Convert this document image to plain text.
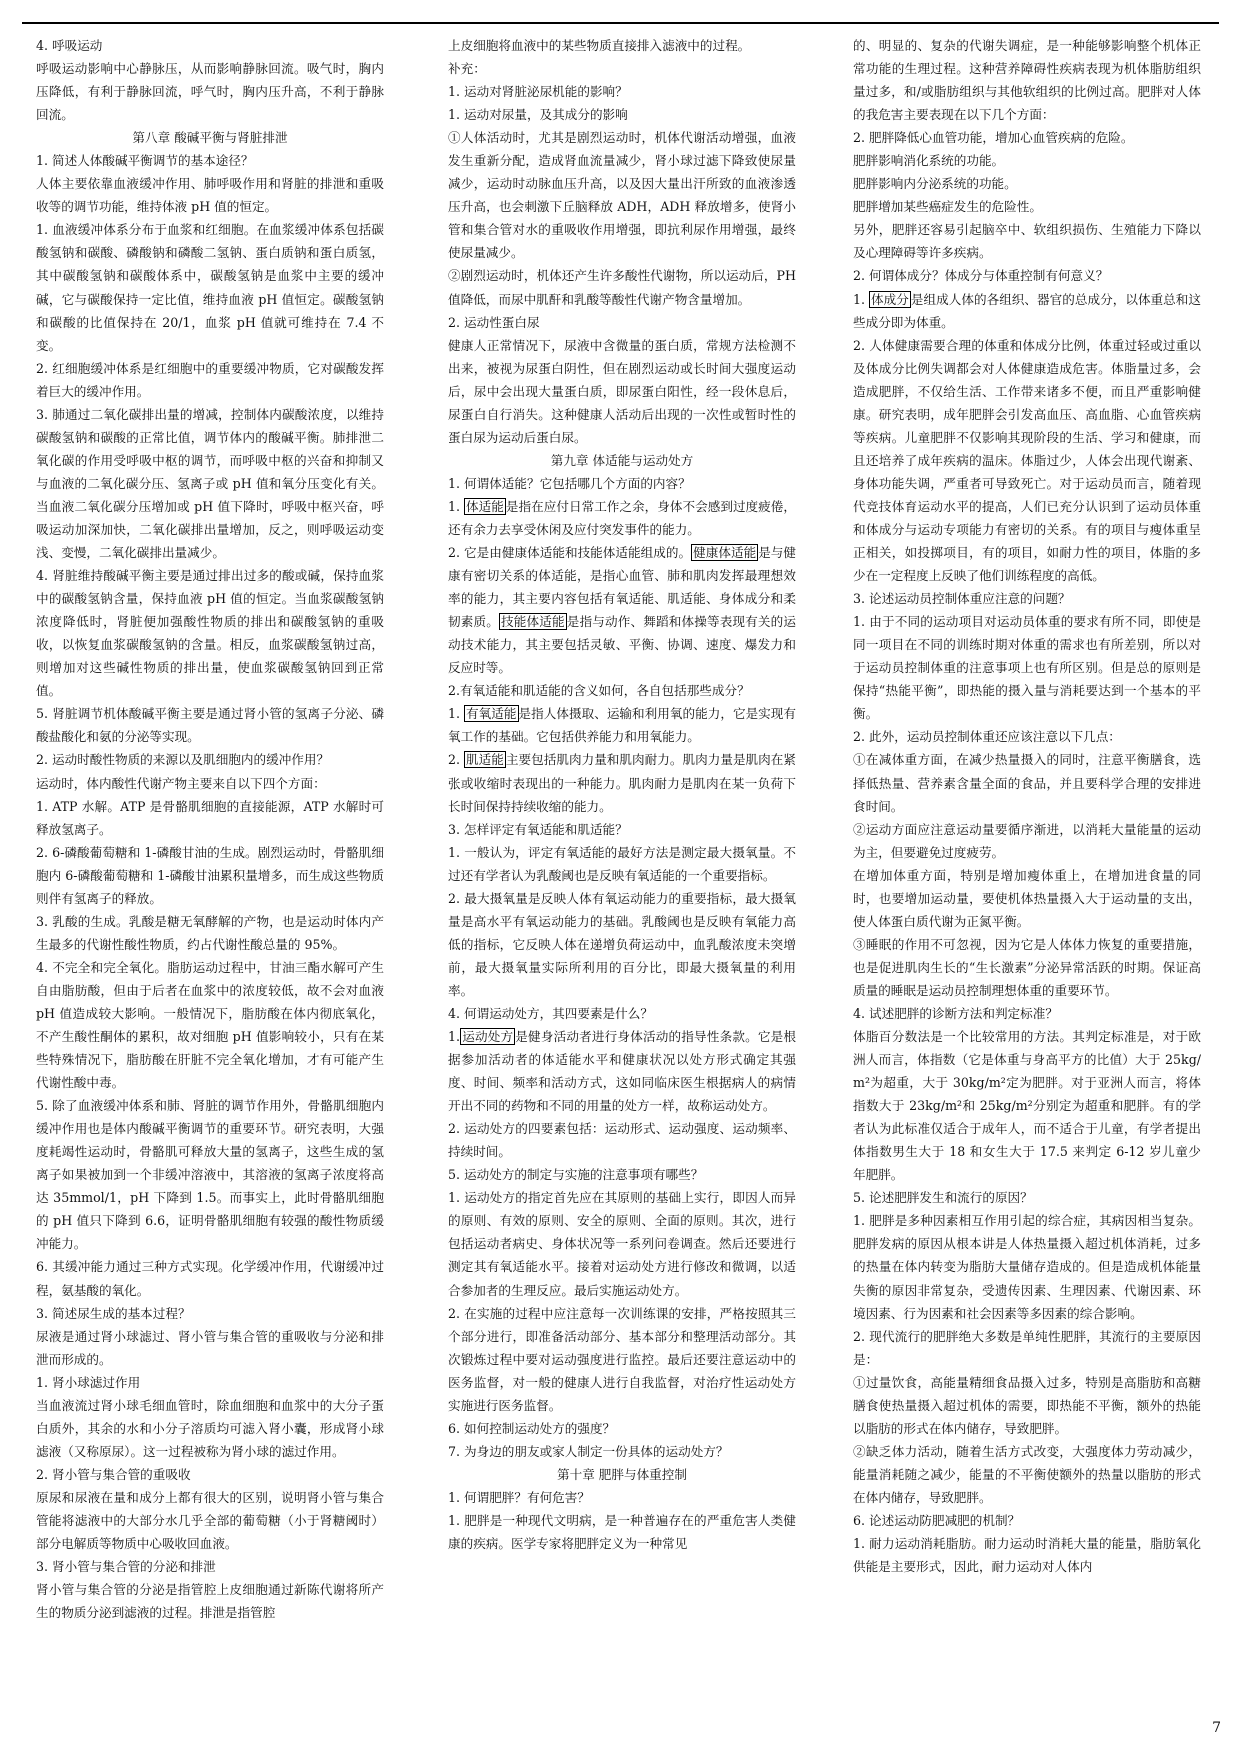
4. 呼吸运动

呼吸运动影响中心静脉压，从而影响静脉回流。吸气时，胸内压降低，有利于静脉回流，呼气时，胸内压升高，不利于静脉回流。

第八章 酸碱平衡与肾脏排泄

1. 简述人体酸碱平衡调节的基本途径？

人体主要依靠血液缓冲作用、肺呼吸作用和肾脏的排泄和重吸收等的调节功能，维持体液 pH 值的恒定。

1. 血液缓冲体系分布于血浆和红细胞。在血浆缓冲体系包括碳酸氢钠和碳酸、磷酸钠和磷酸二氢钠、蛋白质钠和蛋白质氢，其中碳酸氢钠和碳酸体系中，碳酸氢钠是血浆中主要的缓冲碱，它与碳酸保持一定比值，维持血液 pH 值恒定。碳酸氢钠和碳酸的比值保持在 20/1，血浆 pH 值就可维持在 7.4 不变。

2. 红细胞缓冲体系是红细胞中的重要缓冲物质，它对碳酸发挥着巨大的缓冲作用。

3. 肺通过二氧化碳排出量的增减，控制体内碳酸浓度，以维持碳酸氢钠和碳酸的正常比值，调节体内的酸碱平衡。肺排泄二氧化碳的作用受呼吸中枢的调节，而呼吸中枢的兴奋和抑制又与血液的二氧化碳分压、氢离子或 pH 值和氧分压变化有关。当血液二氧化碳分压增加或 pH 值下降时，呼吸中枢兴奋，呼吸运动加深加快，二氧化碳排出量增加，反之，则呼吸运动变浅、变慢，二氧化碳排出量减少。

4. 肾脏维持酸碱平衡主要是通过排出过多的酸或碱，保持血浆中的碳酸氢钠含量，保持血液 pH 值的恒定。当血浆碳酸氢钠浓度降低时，肾脏便加强酸性物质的排出和碳酸氢钠的重吸收，以恢复血浆碳酸氢钠的含量。相反，血浆碳酸氢钠过高，则增加对这些碱性物质的排出量，使血浆碳酸氢钠回到正常值。

5. 肾脏调节机体酸碱平衡主要是通过肾小管的氢离子分泌、磷酸盐酸化和氨的分泌等实现。

2. 运动时酸性物质的来源以及肌细胞内的缓冲作用？

运动时，体内酸性代谢产物主要来自以下四个方面：

1. ATP 水解。ATP 是骨骼肌细胞的直接能源，ATP 水解时可释放氢离子。

2. 6-磷酸葡萄糖和 1-磷酸甘油的生成。剧烈运动时，骨骼肌细胞内 6-磷酸葡萄糖和 1-磷酸甘油累积量增多，而生成这些物质则伴有氢离子的释放。

3. 乳酸的生成。乳酸是糖无氧酵解的产物，也是运动时体内产生最多的代谢性酸性物质，约占代谢性酸总量的 95%。

4. 不完全和完全氧化。脂肪运动过程中，甘油三酯水解可产生自由脂肪酸，但由于后者在血浆中的浓度较低，故不会对血液 pH 值造成较大影响。一般情况下，脂肪酸在体内彻底氧化，不产生酸性酮体的累积，故对细胞 pH 值影响较小，只有在某些特殊情况下，脂肪酸在肝脏不完全氧化增加，才有可能产生代谢性酸中毒。

5. 除了血液缓冲体系和肺、肾脏的调节作用外，骨骼肌细胞内缓冲作用也是体内酸碱平衡调节的重要环节。研究表明，大强度耗竭性运动时，骨骼肌可释放大量的氢离子，这些生成的氢离子如果被加到一个非缓冲溶液中，其溶液的氢离子浓度将高达 35mmol/1，pH 下降到 1.5。而事实上，此时骨骼肌细胞的 pH 值只下降到 6.6，证明骨骼肌细胞有较强的酸性物质缓冲能力。

6. 其缓冲能力通过三种方式实现。化学缓冲作用，代谢缓冲过程，氨基酸的氧化。

3. 简述尿生成的基本过程？

尿液是通过肾小球滤过、肾小管与集合管的重吸收与分泌和排泄而形成的。

1. 肾小球滤过作用

当血液流过肾小球毛细血管时，除血细胞和血浆中的大分子蛋白质外，其余的水和小分子溶质均可滤入肾小囊，形成肾小球滤液（又称原尿）。这一过程被称为肾小球的滤过作用。

2. 肾小管与集合管的重吸收

原尿和尿液在量和成分上都有很大的区别，说明肾小管与集合管能将滤液中的大部分水几乎全部的葡萄糖（小于肾糖阈时）部分电解质等物质中心吸收回血液。

3. 肾小管与集合管的分泌和排泄

肾小管与集合管的分泌是指管腔上皮细胞通过新陈代谢将所产生的物质分泌到滤液的过程。排泄是指管腔

上皮细胞将血液中的某些物质直接排入滤液中的过程。

补充：

1. 运动对肾脏泌尿机能的影响？

1. 运动对尿量，及其成分的影响

①人体活动时，尤其是剧烈运动时，机体代谢活动增强，血液发生重新分配，造成肾血流量减少，肾小球过滤下降致使尿量减少，运动时动脉血压升高，以及因大量出汗所致的血液渗透压升高，也会刺激下丘脑释放 ADH，ADH 释放增多，使肾小管和集合管对水的重吸收作用增强，即抗利尿作用增强，最终使尿量减少。

②剧烈运动时，机体还产生许多酸性代谢物，所以运动后，PH 值降低，而尿中肌酐和乳酸等酸性代谢产物含量增加。

2. 运动性蛋白尿

健康人正常情况下，尿液中含微量的蛋白质，常规方法检测不出来，被视为尿蛋白阴性，但在剧烈运动或长时间大强度运动后，尿中会出现大量蛋白质，即尿蛋白阳性，经一段休息后，尿蛋白自行消失。这种健康人活动后出现的一次性或暂时性的蛋白尿为运动后蛋白尿。

第九章 体适能与运动处方

1. 何谓体适能？它包括哪几个方面的内容？

1. 体适能 是指在应付日常工作之余，身体不会感到过度疲倦，还有余力去享受休闲及应付突发事件的能力。

2. 它是由健康体适能和技能体适能组成的。 健康体适能 是与健康有密切关系的体适能，是指心血管、肺和肌肉发挥最理想效率的能力，其主要内容包括有氧适能、肌适能、身体成分和柔韧素质。 技能体适能 是指与动作、舞蹈和体操等表现有关的运动技术能力，其主要包括灵敏、平衡、协调、速度、爆发力和反应时等。

2.有氧适能和肌适能的含义如何，各自包括那些成分？

1. 有氧适能 是指人体摄取、运输和利用氧的能力，它是实现有氧工作的基础。它包括供养能力和用氧能力。

2. 肌适能 主要包括肌肉力量和肌肉耐力。肌肉力量是肌肉在紧张或收缩时表现出的一种能力。肌肉耐力是肌肉在某一负荷下长时间保持持续收缩的能力。

3. 怎样评定有氧适能和肌适能？

1. 一般认为，评定有氧适能的最好方法是测定最大摄氧量。不过还有学者认为乳酸阈也是反映有氧适能的一个重要指标。

2. 最大摄氧量是反映人体有氧运动能力的重要指标，最大摄氧量是高水平有氧运动能力的基础。乳酸阈也是反映有氧能力高低的指标，它反映人体在递增负荷运动中，血乳酸浓度未突增前，最大摄氧量实际所利用的百分比，即最大摄氧量的利用率。

4. 何谓运动处方，其四要素是什么？

1. 运动处方 是健身活动者进行身体活动的指导性条款。它是根据参加活动者的体适能水平和健康状况以处方形式确定其强度、时间、频率和活动方式，这如同临床医生根据病人的病情开出不同的药物和不同的用量的处方一样，故称运动处方。

2. 运动处方的四要素包括：运动形式、运动强度、运动频率、持续时间。

5. 运动处方的制定与实施的注意事项有哪些？

1. 运动处方的指定首先应在其原则的基础上实行，即因人而异的原则、有效的原则、安全的原则、全面的原则。其次，进行包括运动者病史、身体状况等一系列问卷调查。然后还要进行测定其有氧适能水平。接着对运动处方进行修改和微调，以适合参加者的生理反应。最后实施运动处方。

2. 在实施的过程中应注意每一次训练课的安排，严格按照其三个部分进行，即准备活动部分、基本部分和整理活动部分。其次锻炼过程中要对运动强度进行监控。最后还要注意运动中的医务监督，对一般的健康人进行自我监督，对治疗性运动处方实施进行医务监督。

6. 如何控制运动处方的强度？

7. 为身边的朋友或家人制定一份具体的运动处方？

第十章 肥胖与体重控制

1. 何谓肥胖？有何危害？

1. 肥胖是一种现代文明病，是一种普遍存在的严重危害人类健康的疾病。医学专家将肥胖定义为一种常见

的、明显的、复杂的代谢失调症，是一种能够影响整个机体正常功能的生理过程。这种营养障碍性疾病表现为机体脂肪组织量过多，和/或脂肪组织与其他软组织的比例过高。肥胖对人体的我危害主要表现在以下几个方面：

2. 肥胖降低心血管功能，增加心血管疾病的危险。

肥胖影响消化系统的功能。

肥胖影响内分泌系统的功能。

肥胖增加某些癌症发生的危险性。

另外，肥胖还容易引起脑卒中、软组织损伤、生殖能力下降以及心理障碍等许多疾病。

2. 何谓体成分？体成分与体重控制有何意义？

1. 体成分 是组成人体的各组织、器官的总成分，以体重总和这些成分即为体重。

2. 人体健康需要合理的体重和体成分比例，体重过轻或过重以及体成分比例失调都会对人体健康造成危害。体脂量过多，会造成肥胖，不仅给生活、工作带来诸多不便，而且严重影响健康。研究表明，成年肥胖会引发高血压、高血脂、心血管疾病等疾病。儿童肥胖不仅影响其现阶段的生活、学习和健康，而且还培养了成年疾病的温床。体脂过少，人体会出现代谢紊、身体功能失调，严重者可导致死亡。对于运动员而言，随着现代竞技体育运动水平的提高，人们已充分认识到了运动员体重和体成分与运动专项能力有密切的关系。有的项目与瘦体重呈正相关，如投掷项目，有的项目，如耐力性的项目，体脂的多少在一定程度上反映了他们训练程度的高低。

3. 论述运动员控制体重应注意的问题？

1. 由于不同的运动项目对运动员体重的要求有所不同，即使是同一项目在不同的训练时期对体重的需求也有所差别，所以对于运动员控制体重的注意事项上也有所区别。但是总的原则是保持“热能平衡”，即热能的摄入量与消耗要达到一个基本的平衡。

2. 此外，运动员控制体重还应该注意以下几点：

①在减体重方面，在减少热量摄入的同时，注意平衡膳食，选择低热量、营养素含量全面的食品，并且要科学合理的安排进食时间。

②运动方面应注意运动量要循序渐进，以消耗大量能量的运动为主，但要避免过度疲劳。

在增加体重方面，特别是增加瘦体重上，在增加进食量的同时，也要增加运动量，要使机体热量摄入大于运动量的支出，使人体蛋白质代谢为正氮平衡。

③睡眠的作用不可忽视，因为它是人体体力恢复的重要措施，也是促进肌肉生长的“生长激素”分泌异常活跃的时期。保证高质量的睡眠是运动员控制理想体重的重要环节。

4. 试述肥胖的诊断方法和判定标准？

体脂百分数法是一个比较常用的方法。其判定标准是，对于欧洲人而言，体指数（它是体重与身高平方的比值）大于 25kg/m²为超重，大于 30kg/m²定为肥胖。对于亚洲人而言，将体指数大于 23kg/m²和 25kg/m²分别定为超重和肥胖。有的学者认为此标准仅适合于成年人，而不适合于儿童，有学者提出体指数男生大于 18 和女生大于 17.5 来判定 6-12 岁儿童少年肥胖。

5. 论述肥胖发生和流行的原因？

1. 肥胖是多种因素相互作用引起的综合症，其病因相当复杂。肥胖发病的原因从根本讲是人体热量摄入超过机体消耗，过多的热量在体内转变为脂肪大量储存造成的。但是造成机体能量失衡的原因非常复杂，受遗传因素、生理因素、代谢因素、环境因素、行为因素和社会因素等多因素的综合影响。

2. 现代流行的肥胖绝大多数是单纯性肥胖，其流行的主要原因是：

①过量饮食，高能量精细食品摄入过多，特别是高脂肪和高糖膳食使热量摄入超过机体的需要，即热能不平衡，额外的热能以脂肪的形式在体内储存，导致肥胖。

②缺乏体力活动，随着生活方式改变，大强度体力劳动减少，能量消耗随之减少，能量的不平衡使额外的热量以脂肪的形式在体内储存，导致肥胖。

6. 论述运动防肥减肥的机制？

1. 耐力运动消耗脂肪。耐力运动时消耗大量的能量，脂肪氧化供能是主要形式，因此，耐力运动对人体内

7
